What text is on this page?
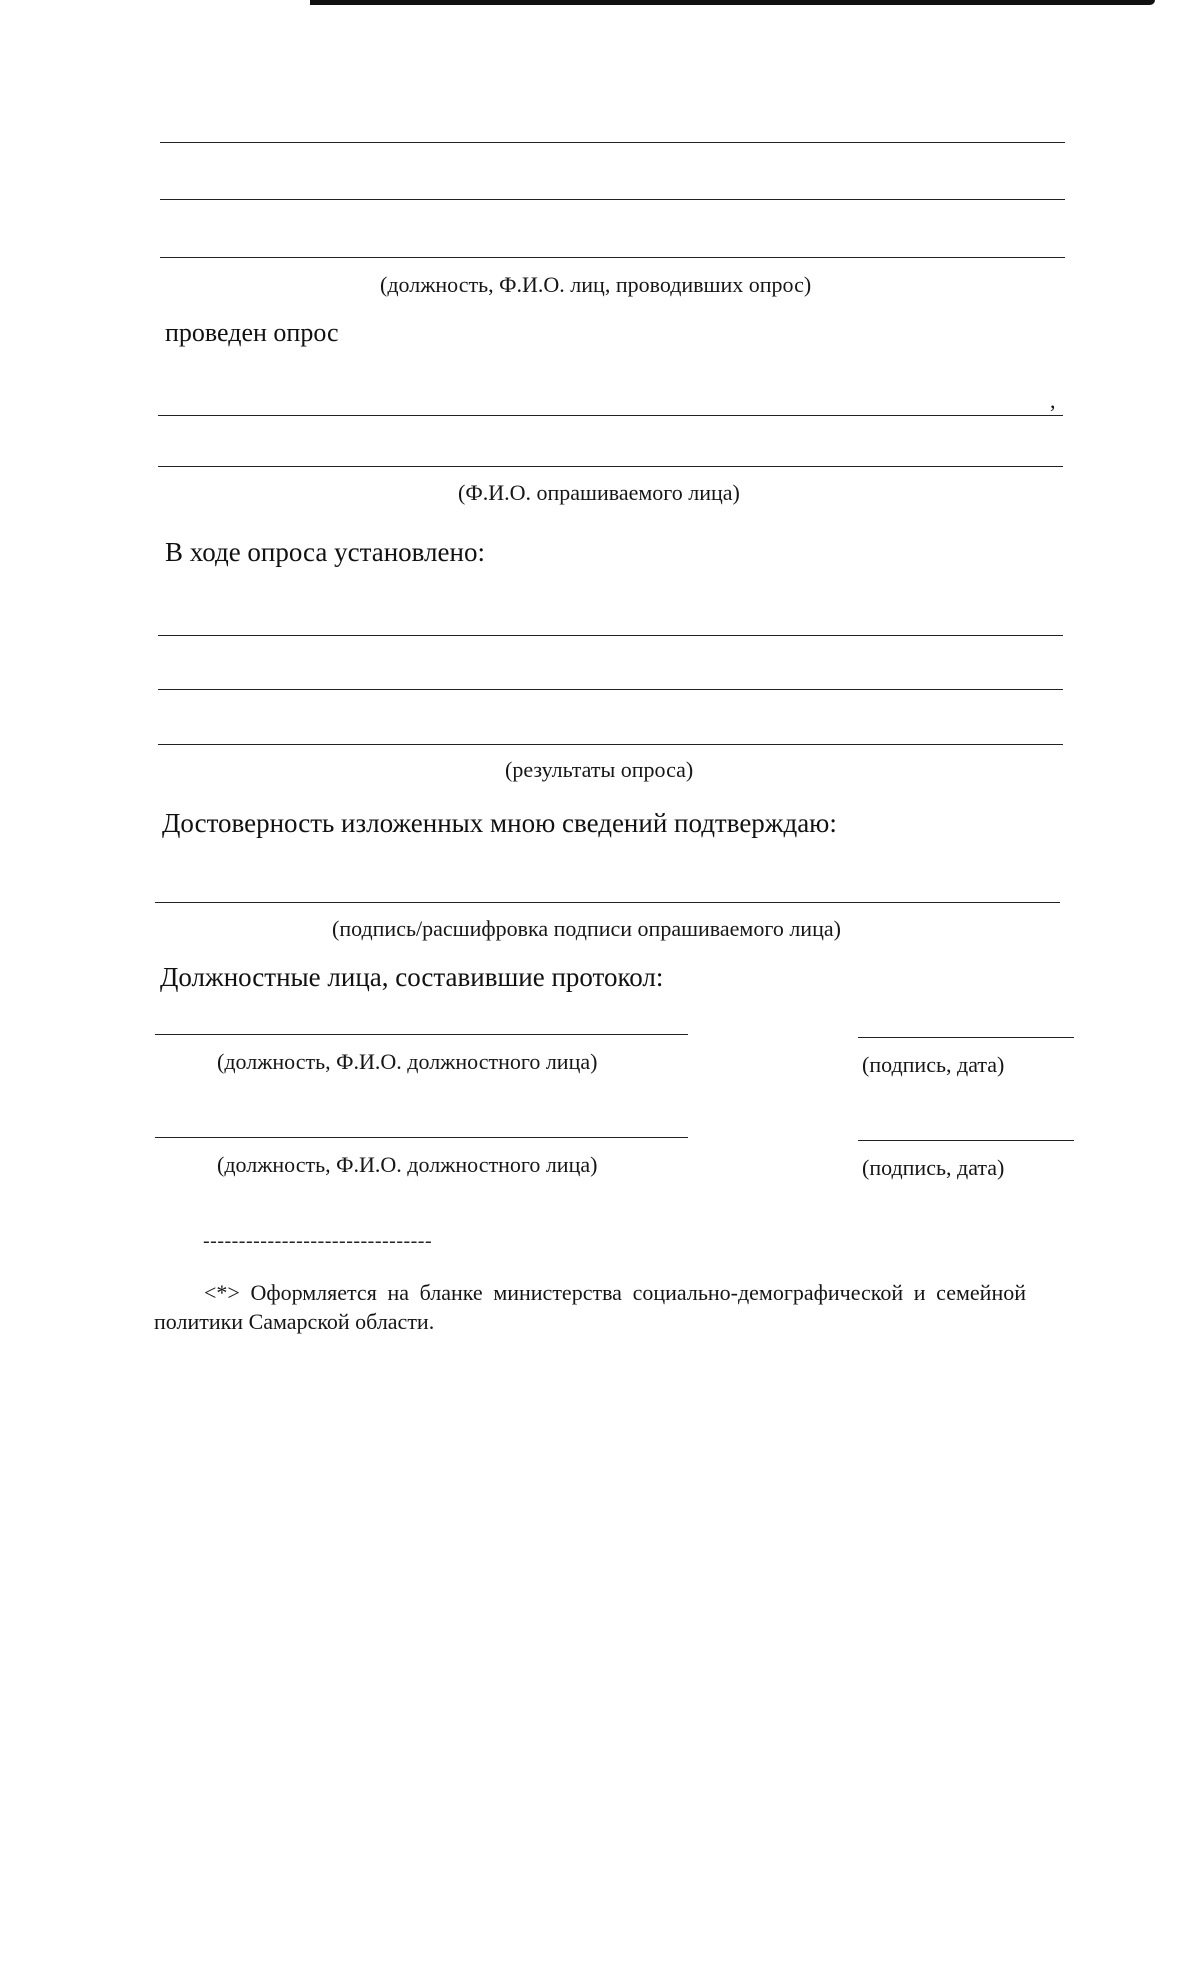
(должность, Ф.И.О. лиц, проводивших опрос)
проведен опрос
,
(Ф.И.О. опрашиваемого лица)
В ходе опроса установлено:
(результаты опроса)
Достоверность изложенных мною сведений подтверждаю:
(подпись/расшифровка подписи опрашиваемого лица)
Должностные лица, составившие протокол:
(должность, Ф.И.О. должностного лица)	(подпись, дата)
(должность, Ф.И.О. должностного лица)	(подпись, дата)
--------------------------------
<*> Оформляется на бланке министерства социально-демографической и семейной политики Самарской области.
